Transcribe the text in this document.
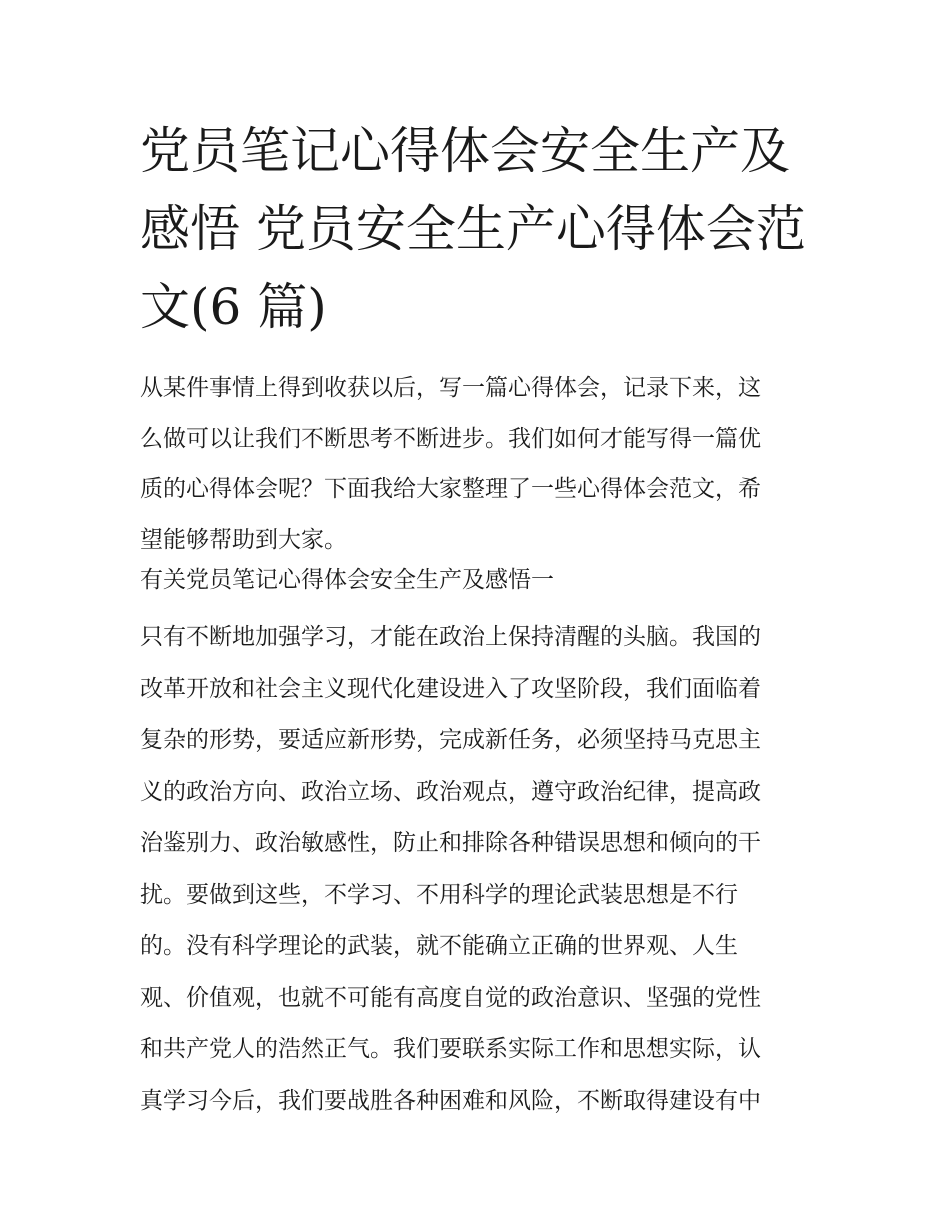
党员笔记心得体会安全生产及
感悟 党员安全生产心得体会范
文(6 篇)
从某件事情上得到收获以后，写一篇心得体会，记录下来，这
么做可以让我们不断思考不断进步。我们如何才能写得一篇优
质的心得体会呢？下面我给大家整理了一些心得体会范文，希
望能够帮助到大家。
有关党员笔记心得体会安全生产及感悟一
只有不断地加强学习，才能在政治上保持清醒的头脑。我国的
改革开放和社会主义现代化建设进入了攻坚阶段，我们面临着
复杂的形势，要适应新形势，完成新任务，必须坚持马克思主
义的政治方向、政治立场、政治观点，遵守政治纪律，提高政
治鉴别力、政治敏感性，防止和排除各种错误思想和倾向的干
扰。要做到这些，不学习、不用科学的理论武装思想是不行
的。没有科学理论的武装，就不能确立正确的世界观、人生
观、价值观，也就不可能有高度自觉的政治意识、坚强的党性
和共产党人的浩然正气。我们要联系实际工作和思想实际，认
真学习今后，我们要战胜各种困难和风险，不断取得建设有中
